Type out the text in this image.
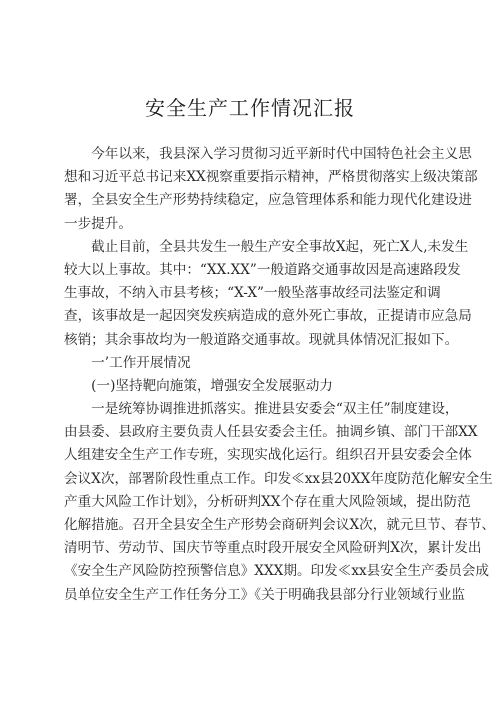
安全生产工作情况汇报
　　今年以来，我县深入学习贯彻习近平新时代中国特色社会主义思
想和习近平总书记来XX视察重要指示精神，严格贯彻落实上级决策部
署，全县安全生产形势持续稳定，应急管理体系和能力现代化建设进
一步提升。
　　截止目前，全县共发生一般生产安全事故X起，死亡X人,未发生
较大以上事故。其中：“XX.XX”一般道路交通事故因是高速路段发
生事故，不纳入市县考核；“X-X”一般坠落事故经司法鉴定和调
查，该事故是一起因突发疾病造成的意外死亡事故，正提请市应急局
核销；其余事故均为一般道路交通事故。现就具体情况汇报如下。
　　一’工作开展情况
　　(一)坚持靶向施策，增强安全发展驱动力
　　一是统筹协调推进抓落实。推进县安委会“双主任”制度建设，
由县委、县政府主要负责人任县安委会主任。抽调乡镇、部门干部XX
人组建安全生产工作专班，实现实战化运行。组织召开县安委会全体
会议X次，部署阶段性重点工作。印发≪xx县20XX年度防范化解安全生
产重大风险工作计划》，分析研判XX个存在重大风险领域，提出防范
化解措施。召开全县安全生产形势会商研判会议X次，就元旦节、春节、
清明节、劳动节、国庆节等重点时段开展安全风险研判X次，累计发出
《安全生产风险防控预警信息》XXX期。印发≪xx县安全生产委员会成
员单位安全生产工作任务分工》《关于明确我县部分行业领域行业监
